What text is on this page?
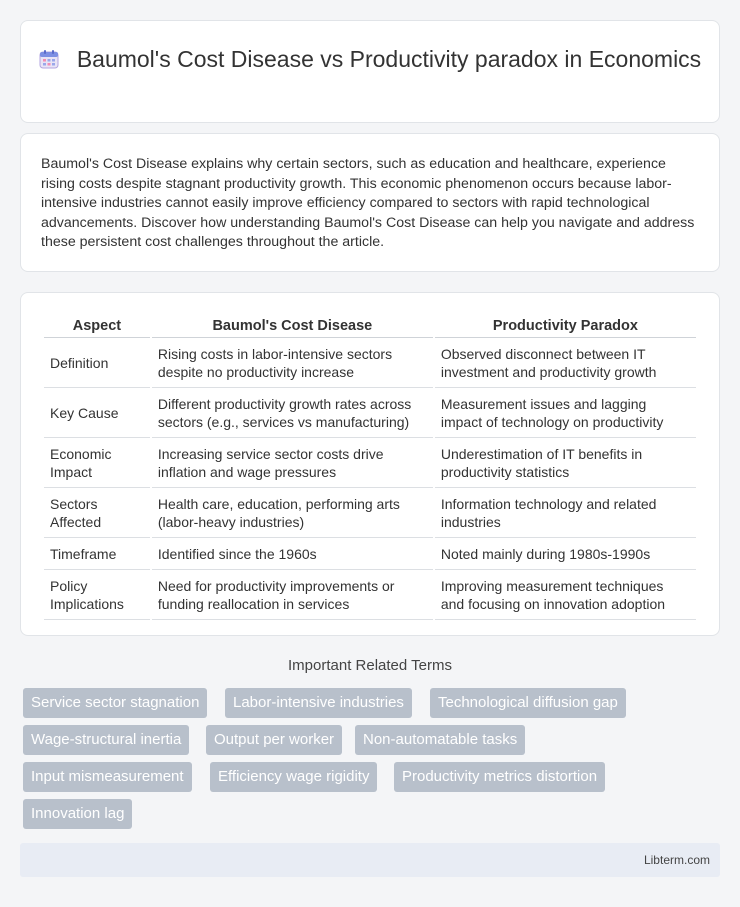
Baumol's Cost Disease vs Productivity paradox in Economics

Baumol's Cost Disease explains why certain sectors, such as education and healthcare, experience rising costs despite stagnant productivity growth. This economic phenomenon occurs because labor-intensive industries cannot easily improve efficiency compared to sectors with rapid technological advancements. Discover how understanding Baumol's Cost Disease can help you navigate and address these persistent cost challenges throughout the article.

Aspect	Baumol's Cost Disease	Productivity Paradox
Definition	Rising costs in labor-intensive sectors despite no productivity increase	Observed disconnect between IT investment and productivity growth
Key Cause	Different productivity growth rates across sectors (e.g., services vs manufacturing)	Measurement issues and lagging impact of technology on productivity
Economic Impact	Increasing service sector costs drive inflation and wage pressures	Underestimation of IT benefits in productivity statistics
Sectors Affected	Health care, education, performing arts (labor-heavy industries)	Information technology and related industries
Timeframe	Identified since the 1960s	Noted mainly during 1980s-1990s
Policy Implications	Need for productivity improvements or funding reallocation in services	Improving measurement techniques and focusing on innovation adoption
Important Related Terms
Service sector stagnation	Labor-intensive industries	Technological diffusion gap
Wage-structural inertia	Output per worker	Non-automatable tasks
Input mismeasurement	Efficiency wage rigidity	Productivity metrics distortion
Innovation lag
Libterm.com
